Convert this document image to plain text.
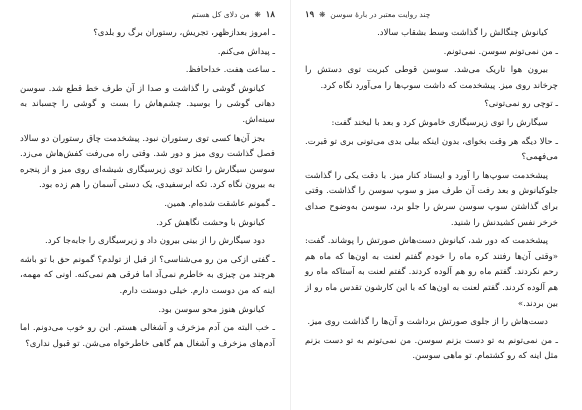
۱۸  ❋  من دلای کل هستم

ـ امروز بعدازظهر، تجریش، رستوران برگ رو بلدی؟

ـ پیداش می‌کنم.

ـ ساعت هفت. خداحافظ.

کیانوش گوشی را گذاشت و صدا از آن طرف خط قطع شد. سوسن دهانی گوشی را بوسید. چشم‌هاش را بست و گوشی را چسباند به سینه‌اش.

بجز آن‌ها کسی توی رستوران نبود. پیشخدمت چاق رستوران دو سالاد فصل گذاشت روی میز و دور شد. وقتی راه می‌رفت کفش‌هاش می‌زد. سوسن سیگارش را تکاند توی زیرسیگاری شیشه‌ای روی میز و از پنجره به بیرون نگاه کرد. تکه ابرسفیدی، یک دستی آسمان را هم زده بود.

ـ گمونم عاشقت شده‌ام. همین.

کیانوش با وحشت نگاهش کرد.

دود سیگارش را از بینی بیرون داد و زیرسیگاری را جابه‌جا کرد.

ـ گفتی ازکی من رو می‌شناسی؟ از قبل از تولدم؟ گمونم حق با تو باشه هرچند من چیزی به خاطرم نمی‌آد اما فرقی هم نمی‌کنه. اونی که مهمه، اینه که من دوست دارم. خیلی دوستت دارم.

کیانوش هنوز محو سوسن بود.

ـ خب البته من آدم مزخرف و آشغالی هستم. این رو خوب می‌دونم. اما آدم‌های مزخرف و آشغال هم گاهی خاطرخواه می‌شن. تو قبول نداری؟

چند روایت معتبر در بارهٔ سوسن  ❋  ۱۹

کیانوش چنگالش را گذاشت وسط بشقاب سالاد.

ـ من نمی‌تونم سوسن. نمی‌تونم.

بیرون هوا تاریک می‌شد. سوسن قوطی کبریت توی دستش را چرخاند روی میز. پیشخدمت که داشت سوپ‌ها را می‌آورد نگاه کرد.

ـ توچی رو نمی‌تونی؟

سیگارش را توی زیرسیگاری خاموش کرد و بعد با لبخند گفت:

ـ حالا دیگه هر وقت بخوای، بدون اینکه بیلی بدی می‌تونی بری تو قبرت. می‌فهمی؟

پیشخدمت سوپ‌ها را آورد و ایستاد کنار میز. با دقت یکی را گذاشت جلوکیانوش و بعد رفت آن طرف میز و سوپ سوسن را گذاشت. وقتی برای گذاشتن سوپ سوسن سرش را جلو برد، سوسن به‌وضوح صدای خرخر نفس کشیدنش را شنید.

پیشخدمت که دور شد، کیانوش دست‌هاش صورتش را پوشاند. گفت: «وقتی آن‌ها رفتند کره ماه را خودم گفتم لعنت به اون‌ها که ماه هم رحم نکردند. گفتم ماه رو هم آلوده کردند. گفتم لعنت به آستاکه ماه رو هم آلوده کردند. گفتم لعنت به اون‌ها که با این کارشون تقدس ماه رو از بین بردند.»

دست‌هاش را از جلوی صورتش برداشت و آن‌ها را گذاشت روی میز.

ـ من نمی‌تونم به تو دست بزنم سوسن. من نمی‌تونم به تو دست بزنم مثل اینه که رو کشتمام. تو ماهی سوسن.
